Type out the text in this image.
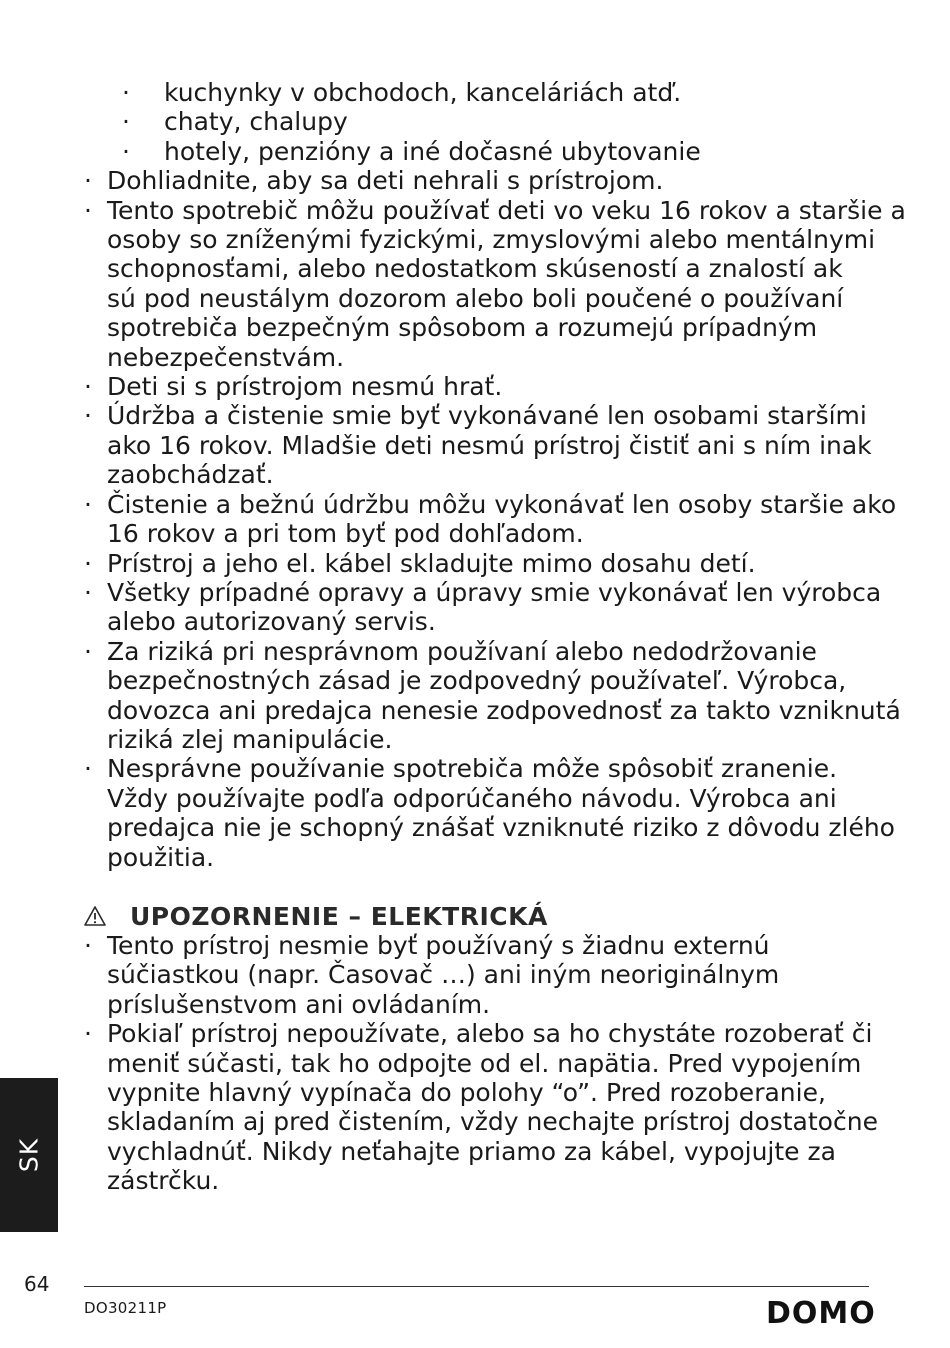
· kuchynky v obchodoch, kanceláriách atď.
· chaty, chalupy
· hotely, penzióny a iné dočasné ubytovanie
· Dohliadnite, aby sa deti nehrali s prístrojom.
· Tento spotrebič môžu používať deti vo veku 16 rokov a staršie a
osoby so zníženými fyzickými, zmyslovými alebo mentálnymi
schopnosťami, alebo nedostatkom skúseností a znalostí ak
sú pod neustálym dozorom alebo boli poučené o používaní
spotrebiča bezpečným spôsobom a rozumejú prípadným
nebezpečenstvám.
· Deti si s prístrojom nesmú hrať.
· Údržba a čistenie smie byť vykonávané len osobami staršími
ako 16 rokov. Mladšie deti nesmú prístroj čistiť ani s ním inak
zaobchádzať.
· Čistenie a bežnú údržbu môžu vykonávať len osoby staršie ako
16 rokov a pri tom byť pod dohľadom.
· Prístroj a jeho el. kábel skladujte mimo dosahu detí.
· Všetky prípadné opravy a úpravy smie vykonávať len výrobca
alebo autorizovaný servis.
· Za riziká pri nesprávnom používaní alebo nedodržovanie
bezpečnostných zásad je zodpovedný používateľ. Výrobca,
dovozca ani predajca nenesie zodpovednosť za takto vzniknutá
riziká zlej manipulácie.
· Nesprávne používanie spotrebiča môže spôsobiť zranenie.
Vždy používajte podľa odporúčaného návodu. Výrobca ani
predajca nie je schopný znášať vzniknuté riziko z dôvodu zlého
použitia.
UPOZORNENIE – ELEKTRICKÁ
· Tento prístroj nesmie byť používaný s žiadnu externú
súčiastkou (napr. Časovač …) ani iným neoriginálnym
príslušenstvom ani ovládaním.
· Pokiaľ prístroj nepoužívate, alebo sa ho chystáte rozoberať či
meniť súčasti, tak ho odpojte od el. napätia. Pred vypojením
vypnite hlavný vypínača do polohy “o”. Pred rozoberanie,
skladaním aj pred čistením, vždy nechajte prístroj dostatočne
vychladnúť. Nikdy neťahajte priamo za kábel, vypojujte za
zástrčku.
SK
64
DO30211P	DOMO
